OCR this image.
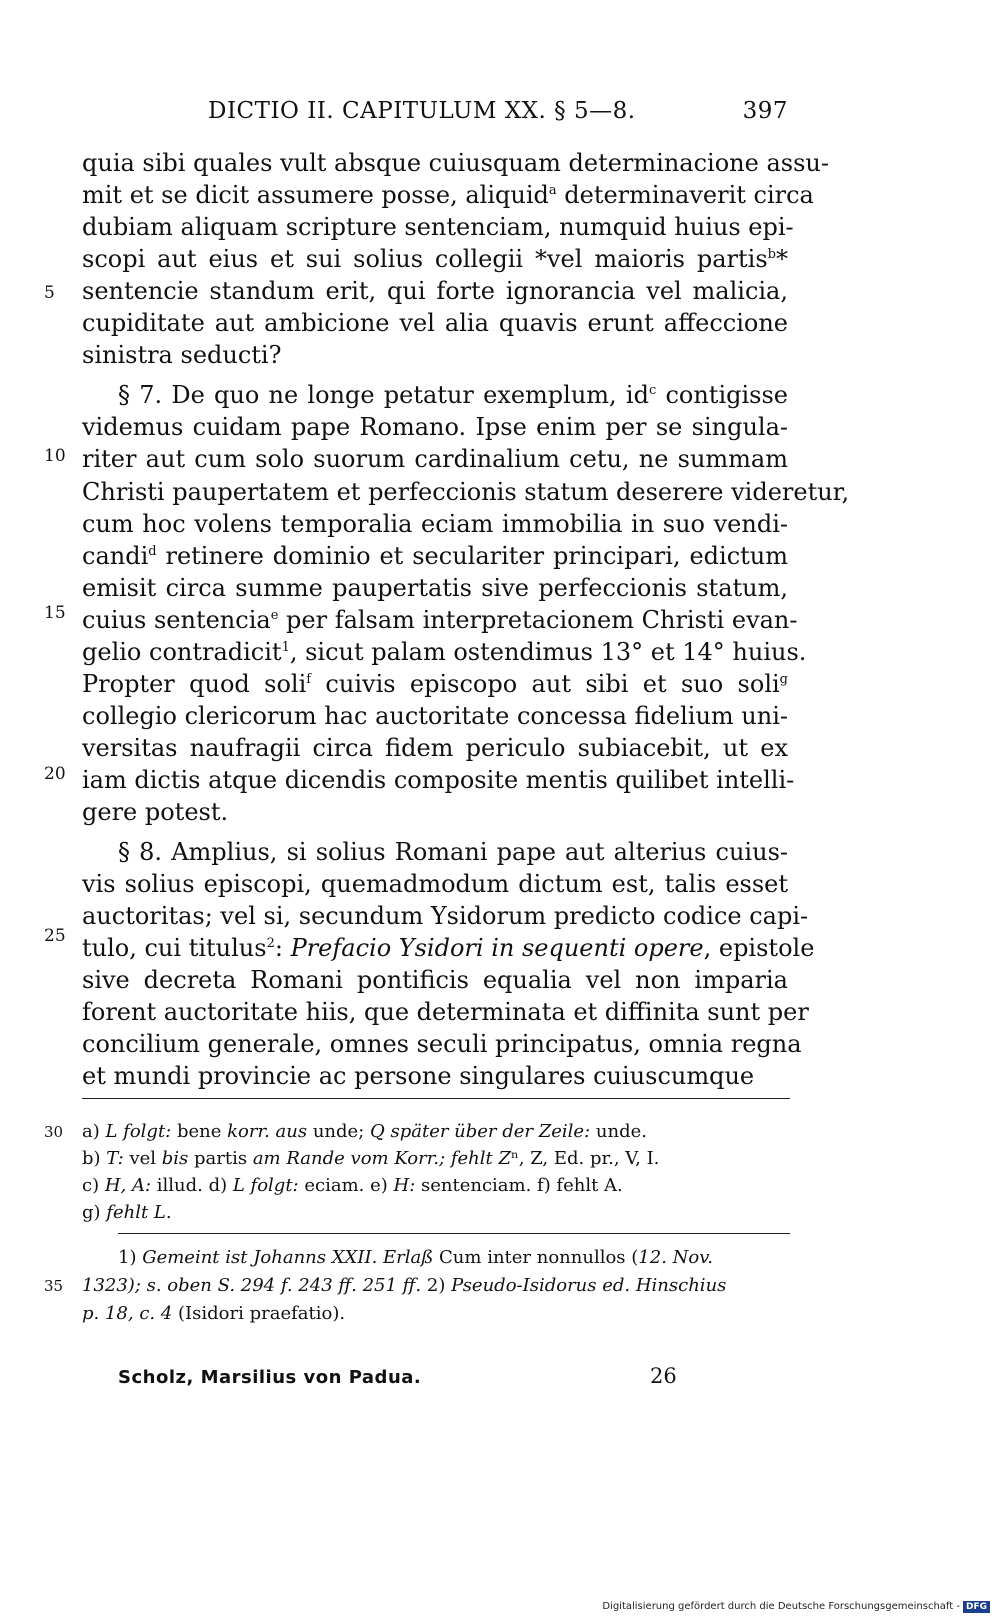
DICTIO II. CAPITULUM XX. § 5—8.	397
quia sibi quales vult absque cuiusquam determinacione assu-
mit et se dicit assumere posse, aliquid$^a$ determinaverit circa
dubiam aliquam scripture sentenciam, numquid huius epi-
scopi aut eius et sui solius collegii *vel maioris partis$^b$*
sentencie standum erit, qui forte ignorancia vel malicia,
cupiditate aut ambicione vel alia quavis erunt affeccione
sinistra seducti?
§ 7. De quo ne longe petatur exemplum, $id^c$ contigisse
videmus cuidam pape Romano. Ipse enim per se singula-
riter aut cum solo suorum cardinalium cetu, ne summam
Christi paupertatem et perfeccionis statum deserere videretur,
cum hoc volens temporalia eciam immobilia in suo vendi-
candi$^d$ retinere dominio et seculariter principari, edictum
emisit circa summe paupertatis sive perfeccionis statum,
cuius sentencia$^e$ per falsam interpretacionem Christi evan-
gelio contradicit$^1$, sicut palam ostendimus 13° et 14° huius.
Propter quod soli$^f$ cuivis episcopo aut sibi et suo soli$^g$
collegio clericorum hac auctoritate concessa fidelium uni-
versitas naufragii circa fidem periculo subiacebit, ut ex
iam dictis atque dicendis composite mentis quilibet intelli-
gere potest.
§ 8. Amplius, si solius Romani pape aut alterius cuius-
vis solius episcopi, quemadmodum dictum est, talis esset
auctoritas; vel si, secundum Ysidorum predicto codice capi-
tulo, cui titulus$^2$: Prefacio Ysidori in sequenti opere, epistole
sive decreta Romani pontificis equalia vel non imparia
forent auctoritate hiis, que determinata et diffinita sunt per
concilium generale, omnes seculi principatus, omnia regna
et mundi provincie ac persone singulares cuiuscumque
5
10
15
20
25
30
35
a) L folgt: bene korr. aus unde; Q später über der Zeile: unde.
b) T: vel bis partis am Rande vom Korr.; fehlt Zⁿ, Z, Ed. pr., V, I.
c) H, A: illud. d) L folgt: eciam. e) H: sentenciam. f) fehlt A.
g) fehlt L.
1) Gemeint ist Johanns XXII. Erlaß Cum inter nonnullos (12. Nov.
1323); s. oben S. 294 f. 243 ff. 251 ff. 2) Pseudo-Isidorus ed. Hinschius
p. 18, c. 4 (Isidori praefatio).
Scholz, Marsilius von Padua.	26
Digitalisierung gefördert durch die Deutsche Forschungsgemeinschaft - DFG
